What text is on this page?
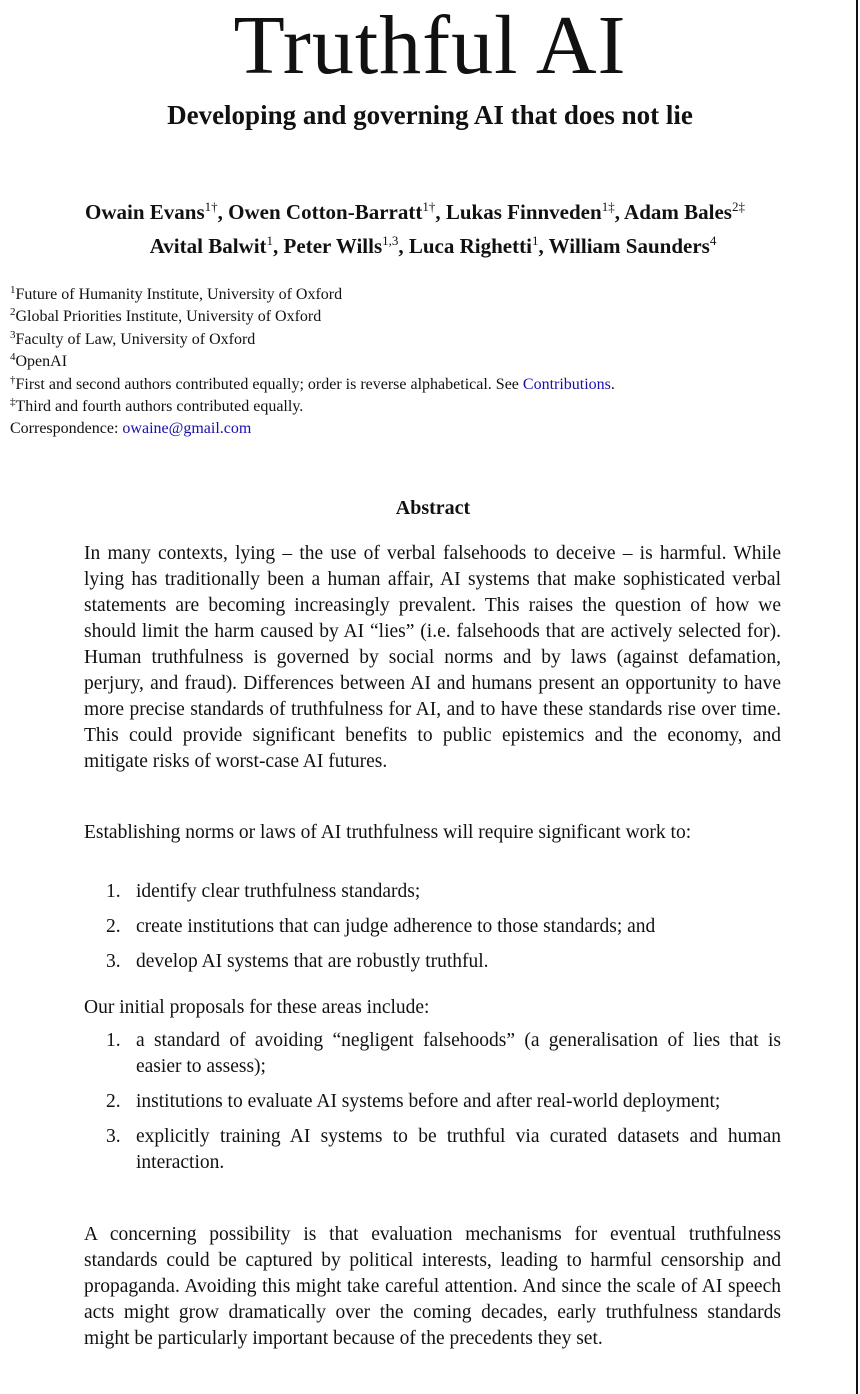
Truthful AI
Developing and governing AI that does not lie
Owain Evans$^{1\dagger}$, Owen Cotton-Barratt$^{1\dagger}$, Lukas Finnveden$^{1\ddagger}$, Adam Bales$^{2\ddagger}$
Avital Balwit$^1$, Peter Wills$^{1,3}$, Luca Righetti$^1$, William Saunders$^4$
$^1$Future of Humanity Institute, University of Oxford
$^2$Global Priorities Institute, University of Oxford
$^3$Faculty of Law, University of Oxford
$^4$OpenAI
†First and second authors contributed equally; order is reverse alphabetical. See Contributions.
‡Third and fourth authors contributed equally.
Correspondence: owaine@gmail.com
Abstract
In many contexts, lying – the use of verbal falsehoods to deceive – is harmful. While lying has traditionally been a human affair, AI systems that make sophisticated verbal statements are becoming increasingly prevalent. This raises the question of how we should limit the harm caused by AI “lies” (i.e. falsehoods that are actively selected for). Human truthfulness is governed by social norms and by laws (against defamation, perjury, and fraud). Differences between AI and humans present an opportunity to have more precise standards of truthfulness for AI, and to have these standards rise over time. This could provide significant benefits to public epistemics and the economy, and mitigate risks of worst-case AI futures.
Establishing norms or laws of AI truthfulness will require significant work to:
1. identify clear truthfulness standards;
2. create institutions that can judge adherence to those standards; and
3. develop AI systems that are robustly truthful.
Our initial proposals for these areas include:
1. a standard of avoiding “negligent falsehoods” (a generalisation of lies that is easier to assess);
2. institutions to evaluate AI systems before and after real-world deployment;
3. explicitly training AI systems to be truthful via curated datasets and human interaction.
A concerning possibility is that evaluation mechanisms for eventual truthfulness standards could be captured by political interests, leading to harmful censorship and propaganda. Avoiding this might take careful attention. And since the scale of AI speech acts might grow dramatically over the coming decades, early truthfulness standards might be particularly important because of the precedents they set.
